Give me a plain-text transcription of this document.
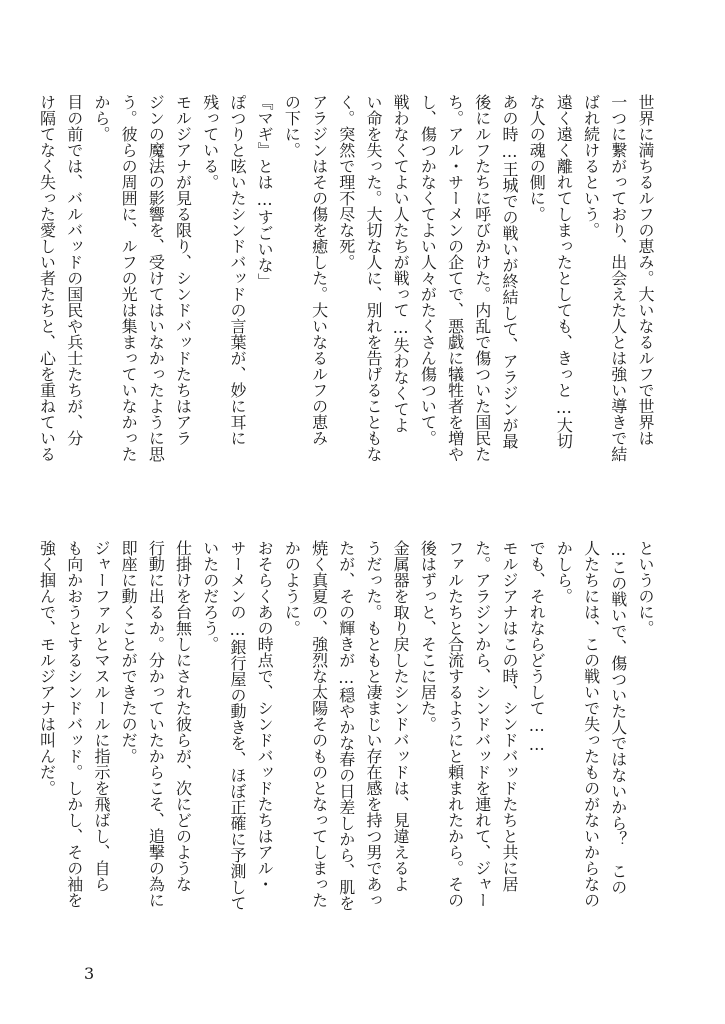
世界に満ちるルフの恵み。大いなるルフで世界は
一つに繋がっており、出会えた人とは強い導きで結
ばれ続けるという。
遠く遠く離れてしまったとしても、きっと…大切
な人の魂の側に。
あの時…王城での戦いが終結して、アラジンが最
後にルフたちに呼びかけた。内乱で傷ついた国民た
ち。アル・サーメンの企てで、悪戯に犠牲者を増や
し、傷つかなくてよい人々がたくさん傷ついて。
戦わなくてよい人たちが戦って…失わなくてよ
い命を失った。大切な人に、別れを告げることもな
く。突然で理不尽な死。
アラジンはその傷を癒した。大いなるルフの恵み
の下に。
『マギ』とは…すごいな」
ぽつりと呟いたシンドバッドの言葉が、妙に耳に
残っている。
モルジアナが見る限り、シンドバッドたちはアラ
ジンの魔法の影響を、受けてはいなかったように思
う。彼らの周囲に、ルフの光は集まっていなかった
から。
目の前では、バルバッドの国民や兵士たちが、分
け隔てなく失った愛しい者たちと、心を重ねている
というのに。
…この戦いで、傷ついた人ではないから？　この
人たちには、この戦いで失ったものがないからなの
かしら。
でも、それならどうして……
モルジアナはこの時、シンドバッドたちと共に居
た。アラジンから、シンドバッドを連れて、ジャー
ファルたちと合流するようにと頼まれたから。その
後はずっと、そこに居た。
金属器を取り戻したシンドバッドは、見違えるよ
うだった。もともと凄まじい存在感を持つ男であっ
たが、その輝きが…穏やかな春の日差しから、肌を
焼く真夏の、強烈な太陽そのものとなってしまった
かのように。
おそらくあの時点で、シンドバッドたちはアル・
サーメンの…銀行屋の動きを、ほぼ正確に予測して
いたのだろう。
仕掛けを台無しにされた彼らが、次にどのような
行動に出るか。分かっていたからこそ、追撃の為に
即座に動くことができたのだ。
ジャーファルとマスルールに指示を飛ばし、自ら
も向かおうとするシンドバッド。しかし、その袖を
強く掴んで、モルジアナは叫んだ。
3
